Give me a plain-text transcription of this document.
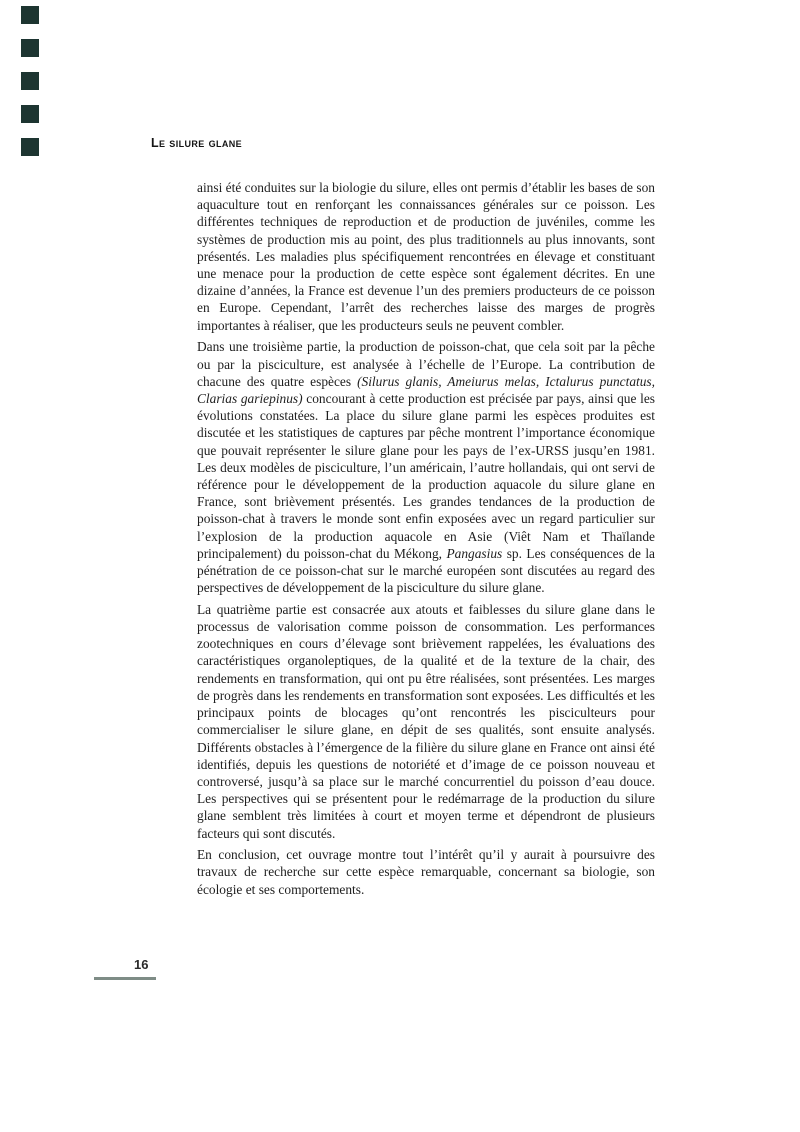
Le silure glane

ainsi été conduites sur la biologie du silure, elles ont permis d’établir les bases de son aquaculture tout en renforçant les connaissances générales sur ce poisson. Les différentes techniques de reproduction et de production de juvéniles, comme les systèmes de production mis au point, des plus traditionnels au plus innovants, sont présentés. Les maladies plus spécifiquement rencontrées en élevage et constituant une menace pour la production de cette espèce sont également décrites. En une dizaine d’années, la France est devenue l’un des premiers producteurs de ce poisson en Europe. Cependant, l’arrêt des recherches laisse des marges de progrès importantes à réaliser, que les producteurs seuls ne peuvent combler.

Dans une troisième partie, la production de poisson-chat, que cela soit par la pêche ou par la pisciculture, est analysée à l’échelle de l’Europe. La contribution de chacune des quatre espèces (Silurus glanis, Ameiurus melas, Ictalurus punctatus, Clarias gariepinus) concourant à cette production est précisée par pays, ainsi que les évolutions constatées. La place du silure glane parmi les espèces produites est discutée et les statistiques de captures par pêche montrent l’importance économique que pouvait représenter le silure glane pour les pays de l’ex-URSS jusqu’en 1981. Les deux modèles de pisciculture, l’un américain, l’autre hollandais, qui ont servi de référence pour le développement de la production aquacole du silure glane en France, sont brièvement présentés. Les grandes tendances de la production de poisson-chat à travers le monde sont enfin exposées avec un regard particulier sur l’explosion de la production aquacole en Asie (Viêt Nam et Thaïlande principalement) du poisson-chat du Mékong, Pangasius sp. Les conséquences de la pénétration de ce poisson-chat sur le marché européen sont discutées au regard des perspectives de développement de la pisciculture du silure glane.

La quatrième partie est consacrée aux atouts et faiblesses du silure glane dans le processus de valorisation comme poisson de consommation. Les performances zootechniques en cours d’élevage sont brièvement rappelées, les évaluations des caractéristiques organoleptiques, de la qualité et de la texture de la chair, des rendements en transformation, qui ont pu être réalisées, sont présentées. Les marges de progrès dans les rendements en transformation sont exposées. Les difficultés et les principaux points de blocages qu’ont rencontrés les pisciculteurs pour commercialiser le silure glane, en dépit de ses qualités, sont ensuite analysés. Différents obstacles à l’émergence de la filière du silure glane en France ont ainsi été identifiés, depuis les questions de notoriété et d’image de ce poisson nouveau et controversé, jusqu’à sa place sur le marché concurrentiel du poisson d’eau douce. Les perspectives qui se présentent pour le redémarrage de la production du silure glane semblent très limitées à court et moyen terme et dépendront de plusieurs facteurs qui sont discutés.

En conclusion, cet ouvrage montre tout l’intérêt qu’il y aurait à poursuivre des travaux de recherche sur cette espèce remarquable, concernant sa biologie, son écologie et ses comportements.

16
